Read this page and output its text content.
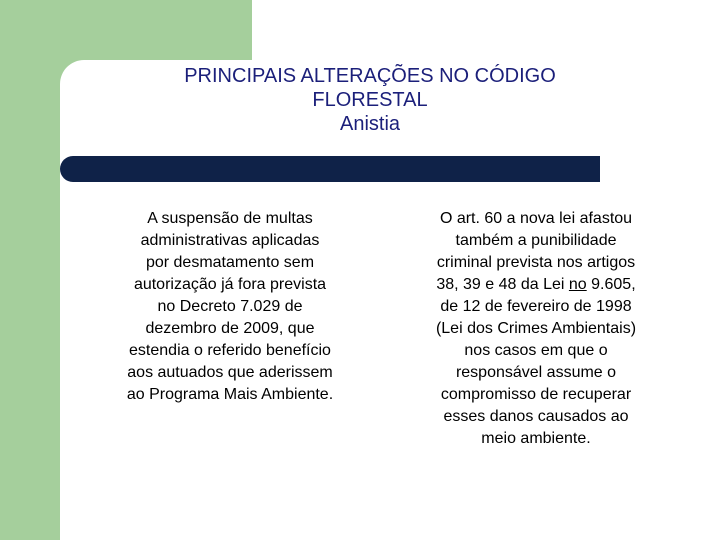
PRINCIPAIS ALTERAÇÕES NO CÓDIGO
FLORESTAL
Anistia
A suspensão de multas
administrativas aplicadas
por desmatamento sem
autorização já fora prevista
no Decreto 7.029 de
dezembro de 2009, que
estendia o referido benefício
aos autuados que aderissem
ao Programa Mais Ambiente.
O art. 60 a nova lei afastou
também a punibilidade
criminal prevista nos artigos
38, 39 e 48 da Lei no 9.605,
de 12 de fevereiro de 1998
(Lei dos Crimes Ambientais)
nos casos em que o
responsável assume o
compromisso de recuperar
esses danos causados ao
meio ambiente.
